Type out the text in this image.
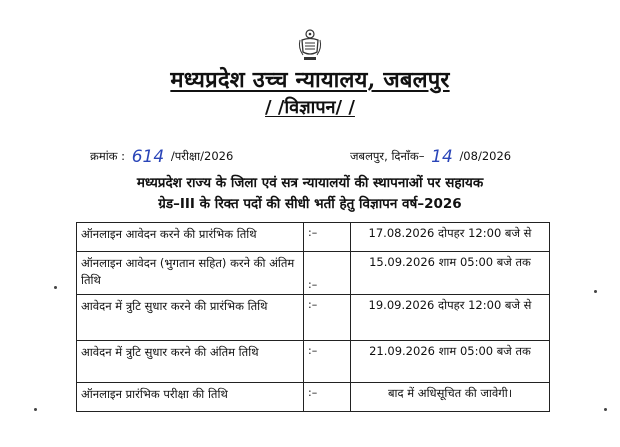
मध्यप्रदेश उच्च न्यायालय, जबलपुर
/ /विज्ञापन/ /
क्रमांक : 614 /परीक्षा/2026	जबलपुर, दिनाँक– 14 /08/2026
मध्यप्रदेश राज्य के जिला एवं सत्र न्यायालयों की स्थापनाओं पर सहायक
ग्रेड–III के रिक्त पदों की सीधी भर्ती हेतु विज्ञापन वर्ष–2026
ऑनलाइन आवेदन करने की प्रारंभिक तिथि	:–	17.08.2026 दोपहर 12:00 बजे से
ऑनलाइन आवेदन (भुगतान सहित) करने की अंतिम तिथि	:–	15.09.2026 शाम 05:00 बजे तक
आवेदन में त्रुटि सुधार करने की प्रारंभिक तिथि	:–	19.09.2026 दोपहर 12:00 बजे से
आवेदन में त्रुटि सुधार करने की अंतिम तिथि	:–	21.09.2026 शाम 05:00 बजे तक
ऑनलाइन प्रारंभिक परीक्षा की तिथि	:–	बाद में अधिसूचित की जावेगी।
